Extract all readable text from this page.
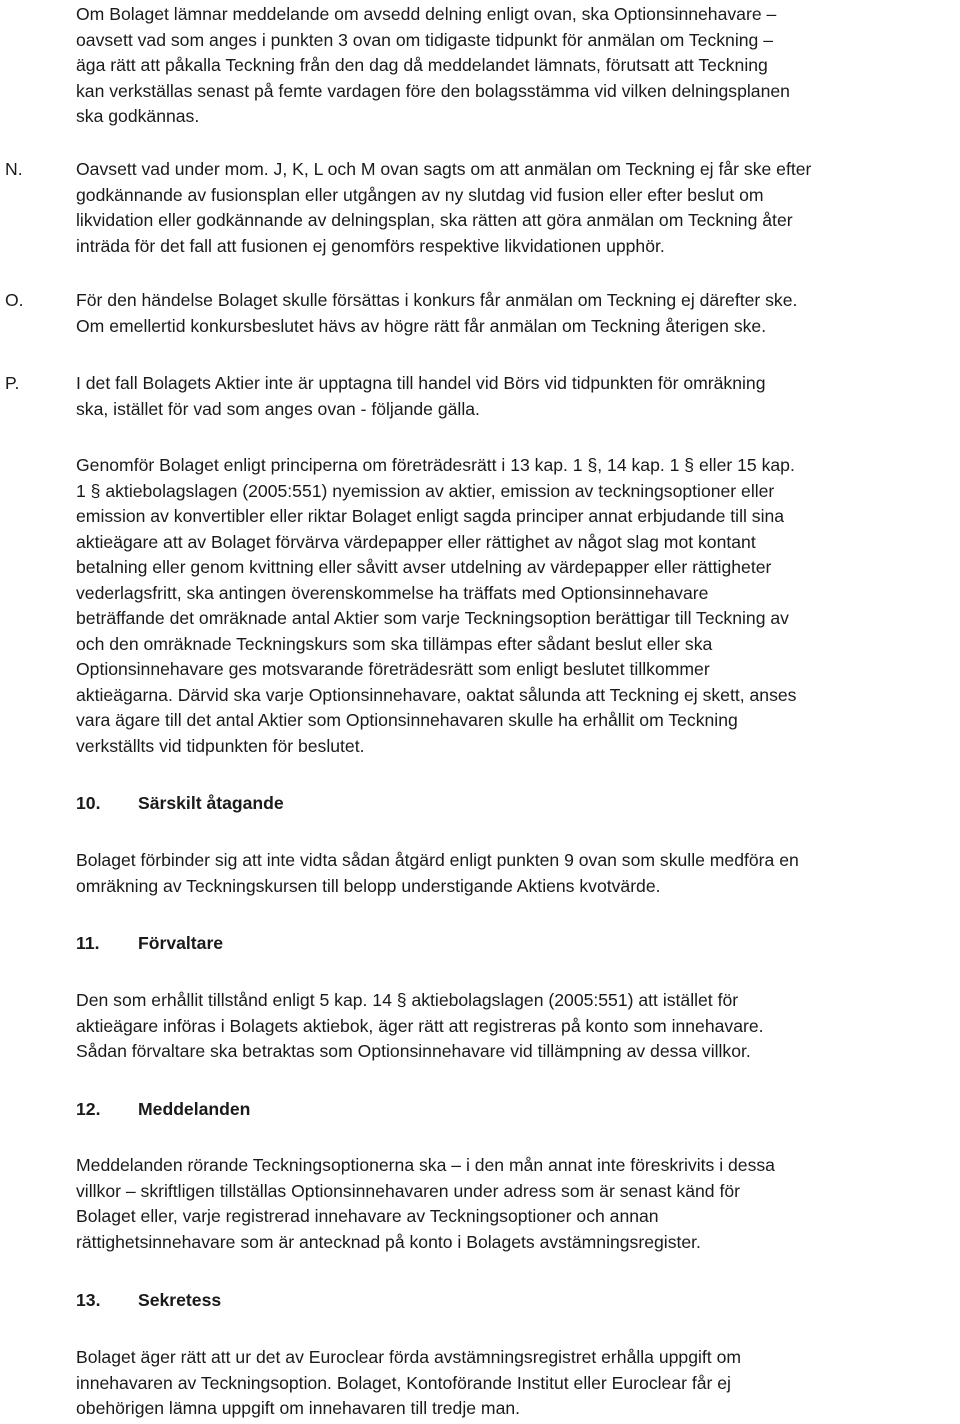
Om Bolaget lämnar meddelande om avsedd delning enligt ovan, ska Optionsinnehavare –
oavsett vad som anges i punkten 3 ovan om tidigaste tidpunkt för anmälan om Teckning –
äga rätt att påkalla Teckning från den dag då meddelandet lämnats, förutsatt att Teckning
kan verkställas senast på femte vardagen före den bolagsstämma vid vilken delningsplanen
ska godkännas.

N.	Oavsett vad under mom. J, K, L och M ovan sagts om att anmälan om Teckning ej får ske efter
godkännande av fusionsplan eller utgången av ny slutdag vid fusion eller efter beslut om
likvidation eller godkännande av delningsplan, ska rätten att göra anmälan om Teckning åter
inträda för det fall att fusionen ej genomförs respektive likvidationen upphör.

O.	För den händelse Bolaget skulle försättas i konkurs får anmälan om Teckning ej därefter ske.
Om emellertid konkursbeslutet hävs av högre rätt får anmälan om Teckning återigen ske.

P.	I det fall Bolagets Aktier inte är upptagna till handel vid Börs vid tidpunkten för omräkning
ska, istället för vad som anges ovan - följande gälla.

Genomför Bolaget enligt principerna om företrädesrätt i 13 kap. 1 §, 14 kap. 1 § eller 15 kap.
1 § aktiebolagslagen (2005:551) nyemission av aktier, emission av teckningsoptioner eller
emission av konvertibler eller riktar Bolaget enligt sagda principer annat erbjudande till sina
aktieägare att av Bolaget förvärva värdepapper eller rättighet av något slag mot kontant
betalning eller genom kvittning eller såvitt avser utdelning av värdepapper eller rättigheter
vederlagsfritt, ska antingen överenskommelse ha träffats med Optionsinnehavare
beträffande det omräknade antal Aktier som varje Teckningsoption berättigar till Teckning av
och den omräknade Teckningskurs som ska tillämpas efter sådant beslut eller ska
Optionsinnehavare ges motsvarande företrädesrätt som enligt beslutet tillkommer
aktieägarna. Därvid ska varje Optionsinnehavare, oaktat sålunda att Teckning ej skett, anses
vara ägare till det antal Aktier som Optionsinnehavaren skulle ha erhållit om Teckning
verkställts vid tidpunkten för beslutet.

10. Särskilt åtagande

Bolaget förbinder sig att inte vidta sådan åtgärd enligt punkten 9 ovan som skulle medföra en
omräkning av Teckningskursen till belopp understigande Aktiens kvotvärde.

11. Förvaltare

Den som erhållit tillstånd enligt 5 kap. 14 § aktiebolagslagen (2005:551) att istället för
aktieägare införas i Bolagets aktiebok, äger rätt att registreras på konto som innehavare.
Sådan förvaltare ska betraktas som Optionsinnehavare vid tillämpning av dessa villkor.

12. Meddelanden

Meddelanden rörande Teckningsoptionerna ska – i den mån annat inte föreskrivits i dessa
villkor – skriftligen tillställas Optionsinnehavaren under adress som är senast känd för
Bolaget eller, varje registrerad innehavare av Teckningsoptioner och annan
rättighetsinnehavare som är antecknad på konto i Bolagets avstämningsregister.

13. Sekretess

Bolaget äger rätt att ur det av Euroclear förda avstämningsregistret erhålla uppgift om
innehavaren av Teckningsoption. Bolaget, Kontoförande Institut eller Euroclear får ej
obehörigen lämna uppgift om innehavaren till tredje man.
